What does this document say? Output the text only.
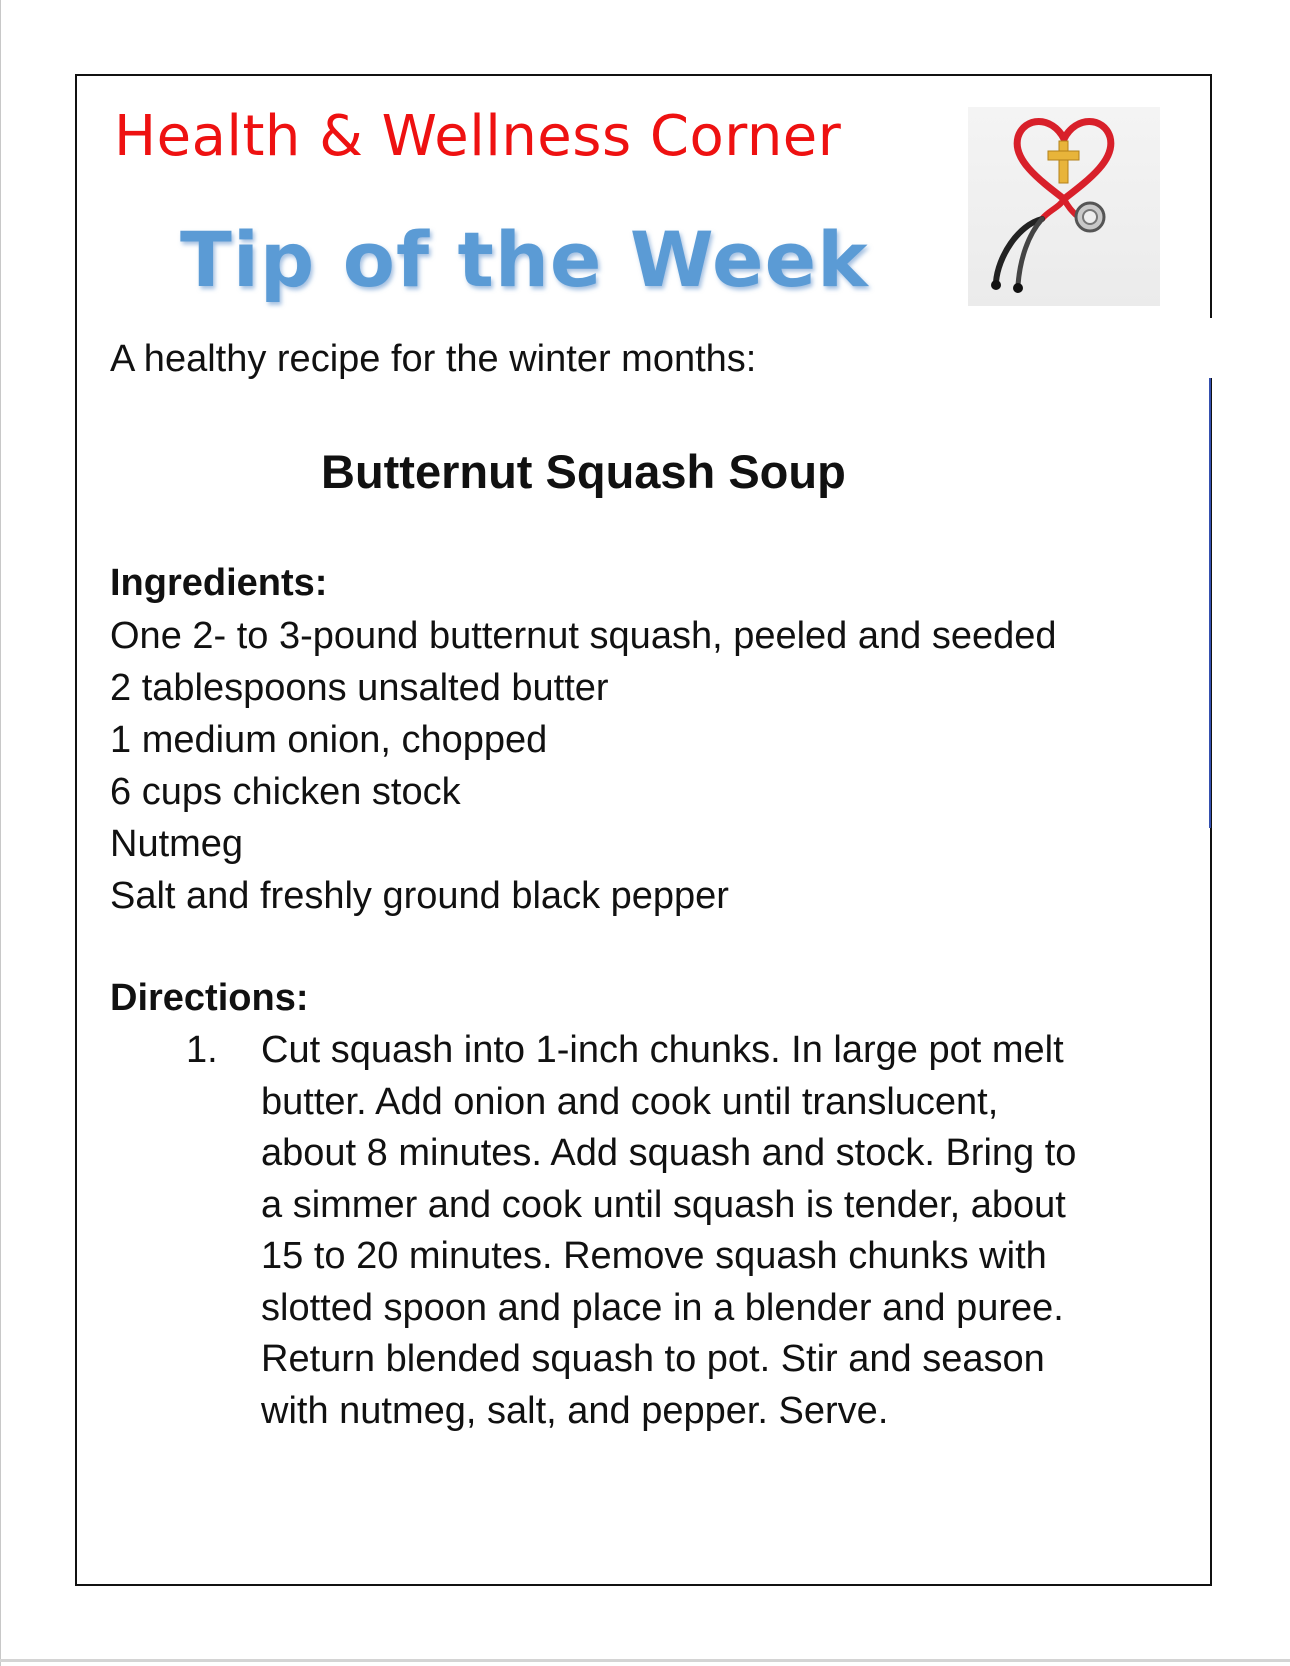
Health & Wellness Corner
Tip of the Week

A healthy recipe for the winter months:

Butternut Squash Soup
Ingredients:
One 2- to 3-pound butternut squash, peeled and seeded
2 tablespoons unsalted butter
1 medium onion, chopped
6 cups chicken stock
Nutmeg
Salt and freshly ground black pepper
Directions:
1. Cut squash into 1-inch chunks. In large pot melt
butter. Add onion and cook until translucent,
about 8 minutes. Add squash and stock. Bring to
a simmer and cook until squash is tender, about
15 to 20 minutes. Remove squash chunks with
slotted spoon and place in a blender and puree.
Return blended squash to pot. Stir and season
with nutmeg, salt, and pepper. Serve.
